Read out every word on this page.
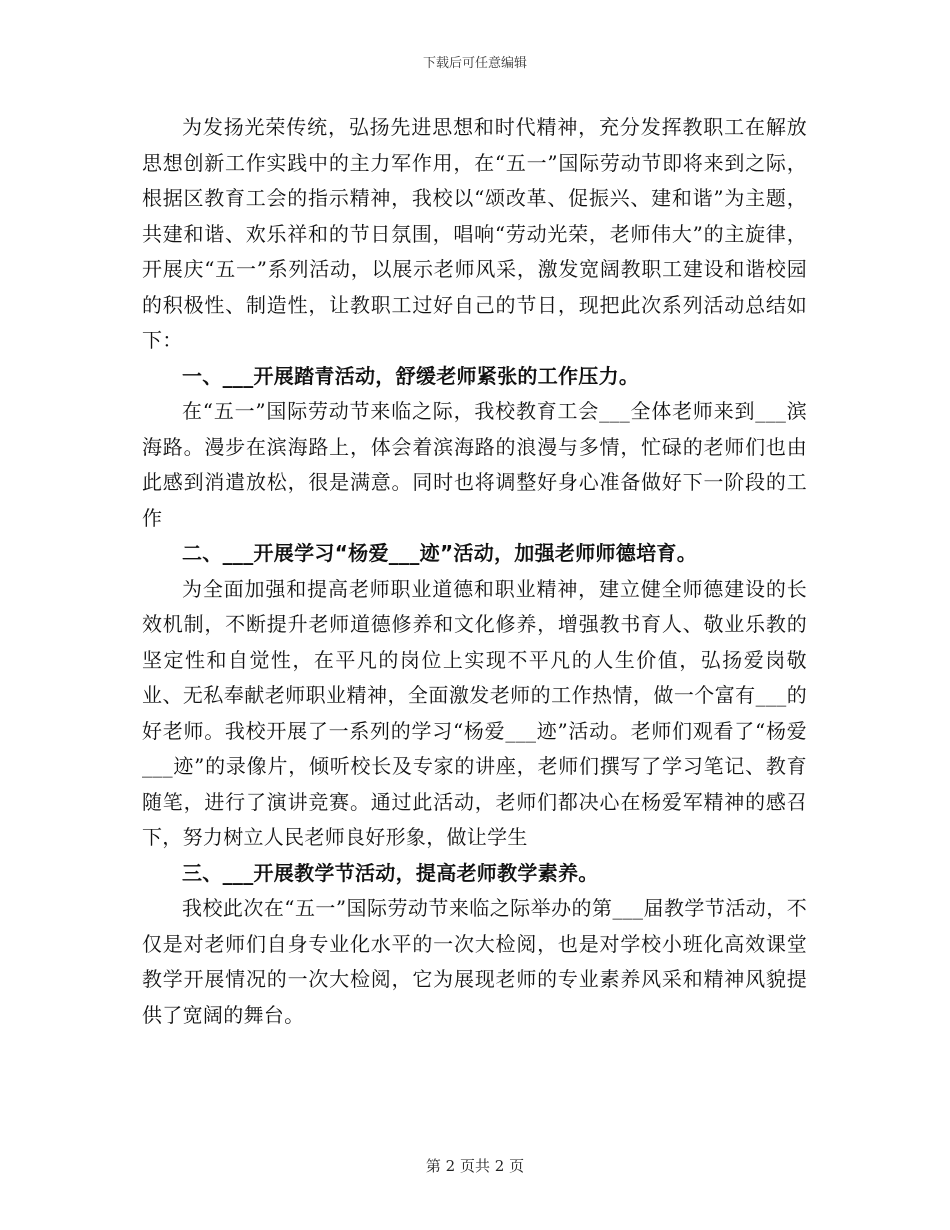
下载后可任意编辑

为发扬光荣传统，弘扬先进思想和时代精神，充分发挥教职工在解放思想创新工作实践中的主力军作用，在“五一”国际劳动节即将来到之际，根据区教育工会的指示精神，我校以“颂改革、促振兴、建和谐”为主题，共建和谐、欢乐祥和的节日氛围，唱响“劳动光荣，老师伟大”的主旋律，开展庆“五一”系列活动，以展示老师风采，激发宽阔教职工建设和谐校园的积极性、制造性，让教职工过好自己的节日，现把此次系列活动总结如下：

一、___开展踏青活动，舒缓老师紧张的工作压力。

在“五一”国际劳动节来临之际，我校教育工会___全体老师来到___滨海路。漫步在滨海路上，体会着滨海路的浪漫与多情，忙碌的老师们也由此感到消遣放松，很是满意。同时也将调整好身心准备做好下一阶段的工作

二、___开展学习“杨爱___迹”活动，加强老师师德培育。

为全面加强和提高老师职业道德和职业精神，建立健全师德建设的长效机制，不断提升老师道德修养和文化修养，增强教书育人、敬业乐教的坚定性和自觉性，在平凡的岗位上实现不平凡的人生价值，弘扬爱岗敬业、无私奉献老师职业精神，全面激发老师的工作热情，做一个富有___的好老师。我校开展了一系列的学习“杨爱___迹”活动。老师们观看了“杨爱___迹”的录像片，倾听校长及专家的讲座，老师们撰写了学习笔记、教育随笔，进行了演讲竞赛。通过此活动，老师们都决心在杨爱军精神的感召下，努力树立人民老师良好形象，做让学生

三、___开展教学节活动，提高老师教学素养。

我校此次在“五一”国际劳动节来临之际举办的第___届教学节活动，不仅是对老师们自身专业化水平的一次大检阅，也是对学校小班化高效课堂教学开展情况的一次大检阅，它为展现老师的专业素养风采和精神风貌提供了宽阔的舞台。

第 2 页共 2 页
